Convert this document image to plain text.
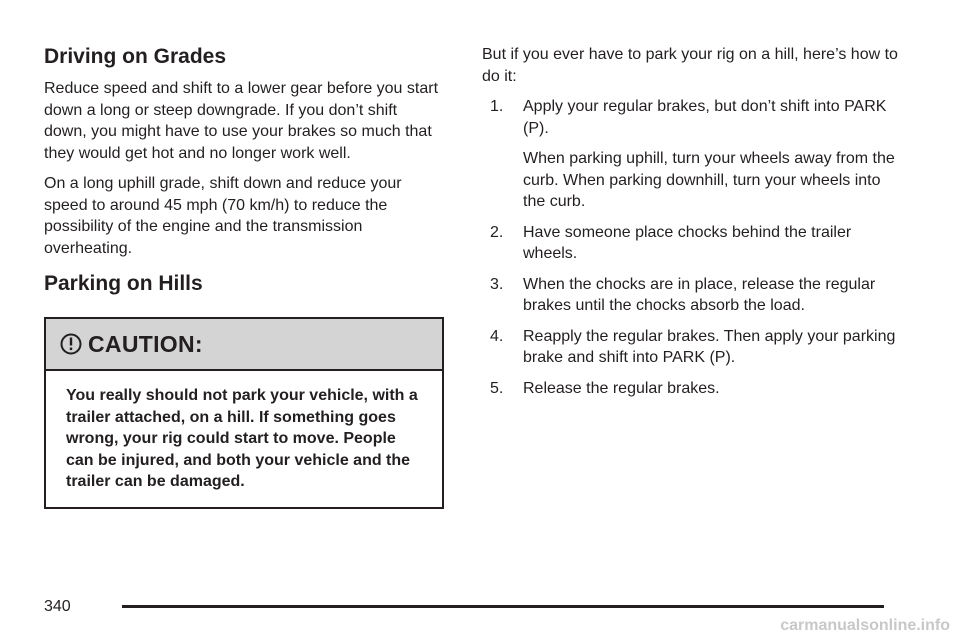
Driving on Grades

Reduce speed and shift to a lower gear before you start down a long or steep downgrade. If you don’t shift down, you might have to use your brakes so much that they would get hot and no longer work well.

On a long uphill grade, shift down and reduce your speed to around 45 mph (70 km/h) to reduce the possibility of the engine and the transmission overheating.

Parking on Hills
CAUTION:
You really should not park your vehicle, with a trailer attached, on a hill. If something goes wrong, your rig could start to move. People can be injured, and both your vehicle and the trailer can be damaged.

But if you ever have to park your rig on a hill, here’s how to do it:

1. Apply your regular brakes, but don’t shift into PARK (P).
When parking uphill, turn your wheels away from the curb. When parking downhill, turn your wheels into the curb.
2. Have someone place chocks behind the trailer wheels.
3. When the chocks are in place, release the regular brakes until the chocks absorb the load.
4. Reapply the regular brakes. Then apply your parking brake and shift into PARK (P).
5. Release the regular brakes.
340
carmanualsonline.info
